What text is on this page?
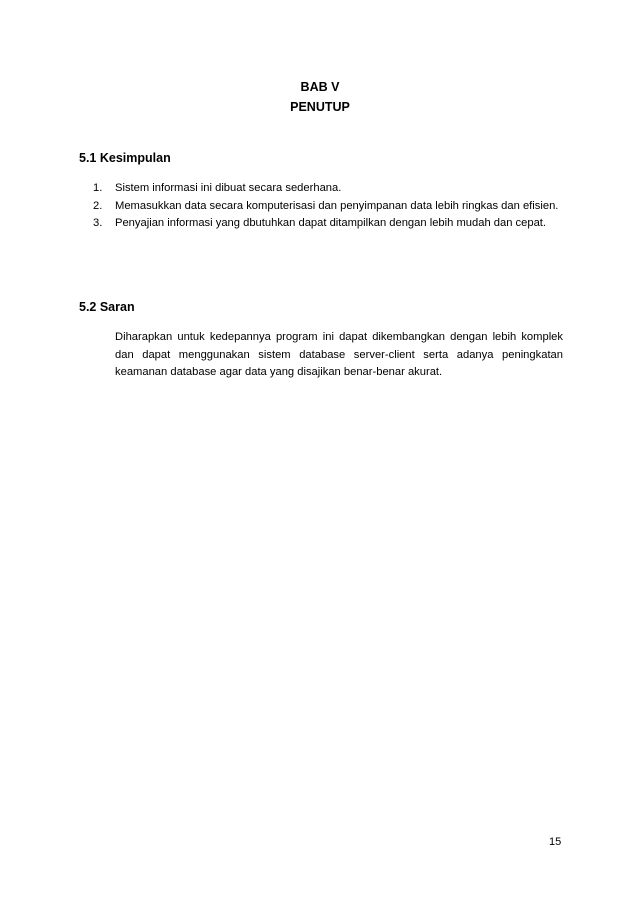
BAB V
PENUTUP
5.1 Kesimpulan
1.	Sistem informasi ini dibuat secara sederhana.
2.	Memasukkan data secara komputerisasi dan penyimpanan data lebih ringkas dan efisien.
3.	Penyajian informasi yang dbutuhkan dapat ditampilkan dengan lebih mudah dan cepat.
5.2 Saran

Diharapkan untuk kedepannya program ini dapat dikembangkan dengan lebih komplek dan dapat menggunakan sistem database server-client serta adanya peningkatan keamanan database agar data yang disajikan benar-benar akurat.

15
